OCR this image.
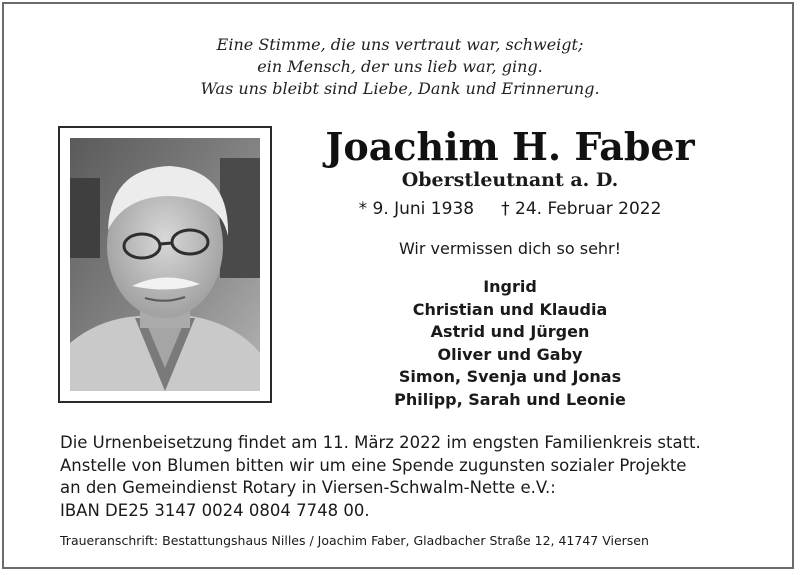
Eine Stimme, die uns vertraut war, schweigt;
ein Mensch, der uns lieb war, ging.
Was uns bleibt sind Liebe, Dank und Erinnerung.
Joachim H. Faber
Oberstleutnant a. D.
* 9. Juni 1938 † 24. Februar 2022
Wir vermissen dich so sehr!
Ingrid
Christian und Klaudia
Astrid und Jürgen
Oliver und Gaby
Simon, Svenja und Jonas
Philipp, Sarah und Leonie
Die Urnenbeisetzung findet am 11. März 2022 im engsten Familienkreis statt.
Anstelle von Blumen bitten wir um eine Spende zugunsten sozialer Projekte
an den Gemeindienst Rotary in Viersen-Schwalm-Nette e.V.:
IBAN DE25 3147 0024 0804 7748 00.
Traueranschrift: Bestattungshaus Nilles / Joachim Faber, Gladbacher Straße 12, 41747 Viersen
